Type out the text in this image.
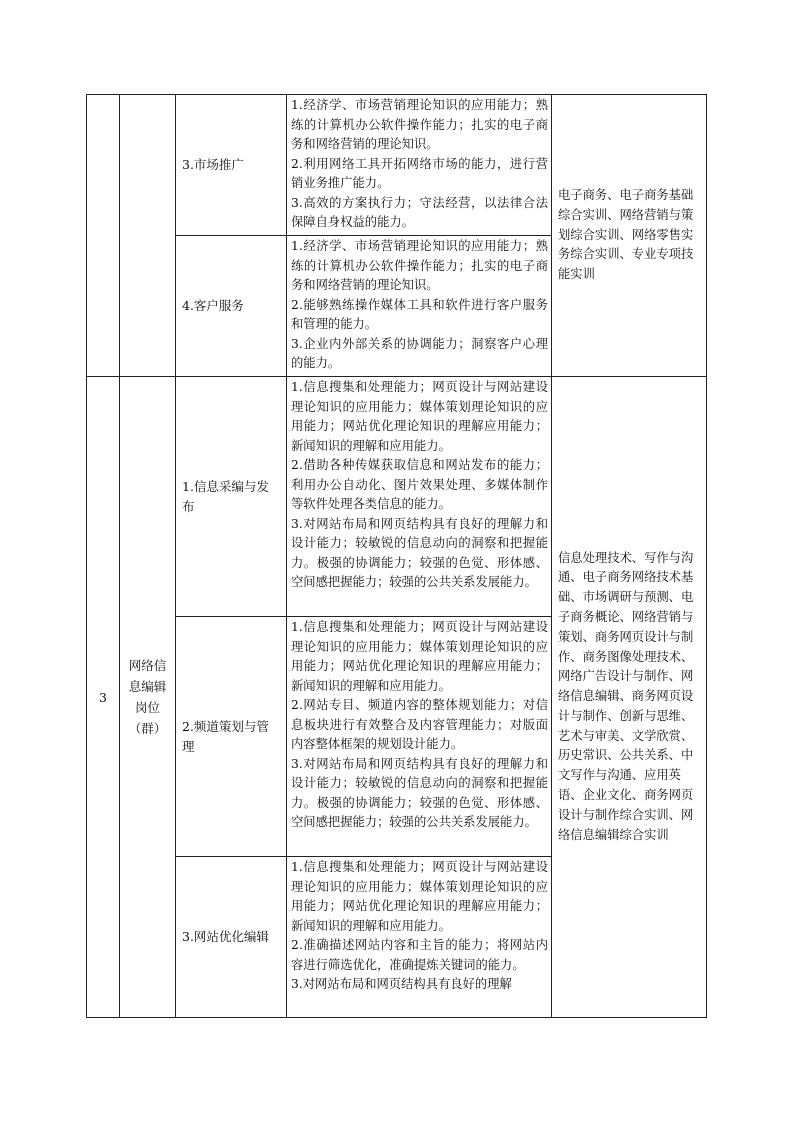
		3.市场推广	1.经济学、市场营销理论知识的应用能力；熟练的计算机办公软件操作能力；扎实的电子商务和网络营销的理论知识。
2.利用网络工具开拓网络市场的能力，进行营销业务推广能力。
3.高效的方案执行力；守法经营，以法律合法保障自身权益的能力。	电子商务、电子商务基础综合实训、网络营销与策划综合实训、网络零售实务综合实训、专业专项技能实训
		4.客户服务	1.经济学、市场营销理论知识的应用能力；熟练的计算机办公软件操作能力；扎实的电子商务和网络营销的理论知识。
2.能够熟练操作媒体工具和软件进行客户服务和管理的能力。
3.企业内外部关系的协调能力；洞察客户心理的能力。	

3	网络信息编辑岗位（群）	1.信息采编与发布	1.信息搜集和处理能力；网页设计与网站建设理论知识的应用能力；媒体策划理论知识的应用能力；网站优化理论知识的理解应用能力；新闻知识的理解和应用能力。
2.借助各种传媒获取信息和网站发布的能力；利用办公自动化、图片效果处理、多媒体制作等软件处理各类信息的能力。
3.对网站布局和网页结构具有良好的理解力和设计能力；较敏锐的信息动向的洞察和把握能力。极强的协调能力；较强的色觉、形体感、空间感把握能力；较强的公共关系发展能力。	信息处理技术、写作与沟通、电子商务网络技术基础、市场调研与预测、电子商务概论、网络营销与策划、商务网页设计与制作、商务图像处理技术、网络广告设计与制作、网络信息编辑、商务网页设计与制作、创新与思维、艺术与审美、文学欣赏、历史常识、公共关系、中文写作与沟通、应用英语、企业文化、商务网页设计与制作综合实训、网络信息编辑综合实训
		2.频道策划与管理	1.信息搜集和处理能力；网页设计与网站建设理论知识的应用能力；媒体策划理论知识的应用能力；网站优化理论知识的理解应用能力；新闻知识的理解和应用能力。
2.网站专目、频道内容的整体规划能力；对信息板块进行有效整合及内容管理能力；对版面内容整体框架的规划设计能力。
3.对网站布局和网页结构具有良好的理解力和设计能力；较敏锐的信息动向的洞察和把握能力。极强的协调能力；较强的色觉、形体感、空间感把握能力；较强的公共关系发展能力。	

		3.网站优化编辑	1.信息搜集和处理能力；网页设计与网站建设理论知识的应用能力；媒体策划理论知识的应用能力；网站优化理论知识的理解应用能力；新闻知识的理解和应用能力。
2.准确描述网站内容和主旨的能力；将网站内容进行筛选优化，准确提炼关键词的能力。
3.对网站布局和网页结构具有良好的理解	
